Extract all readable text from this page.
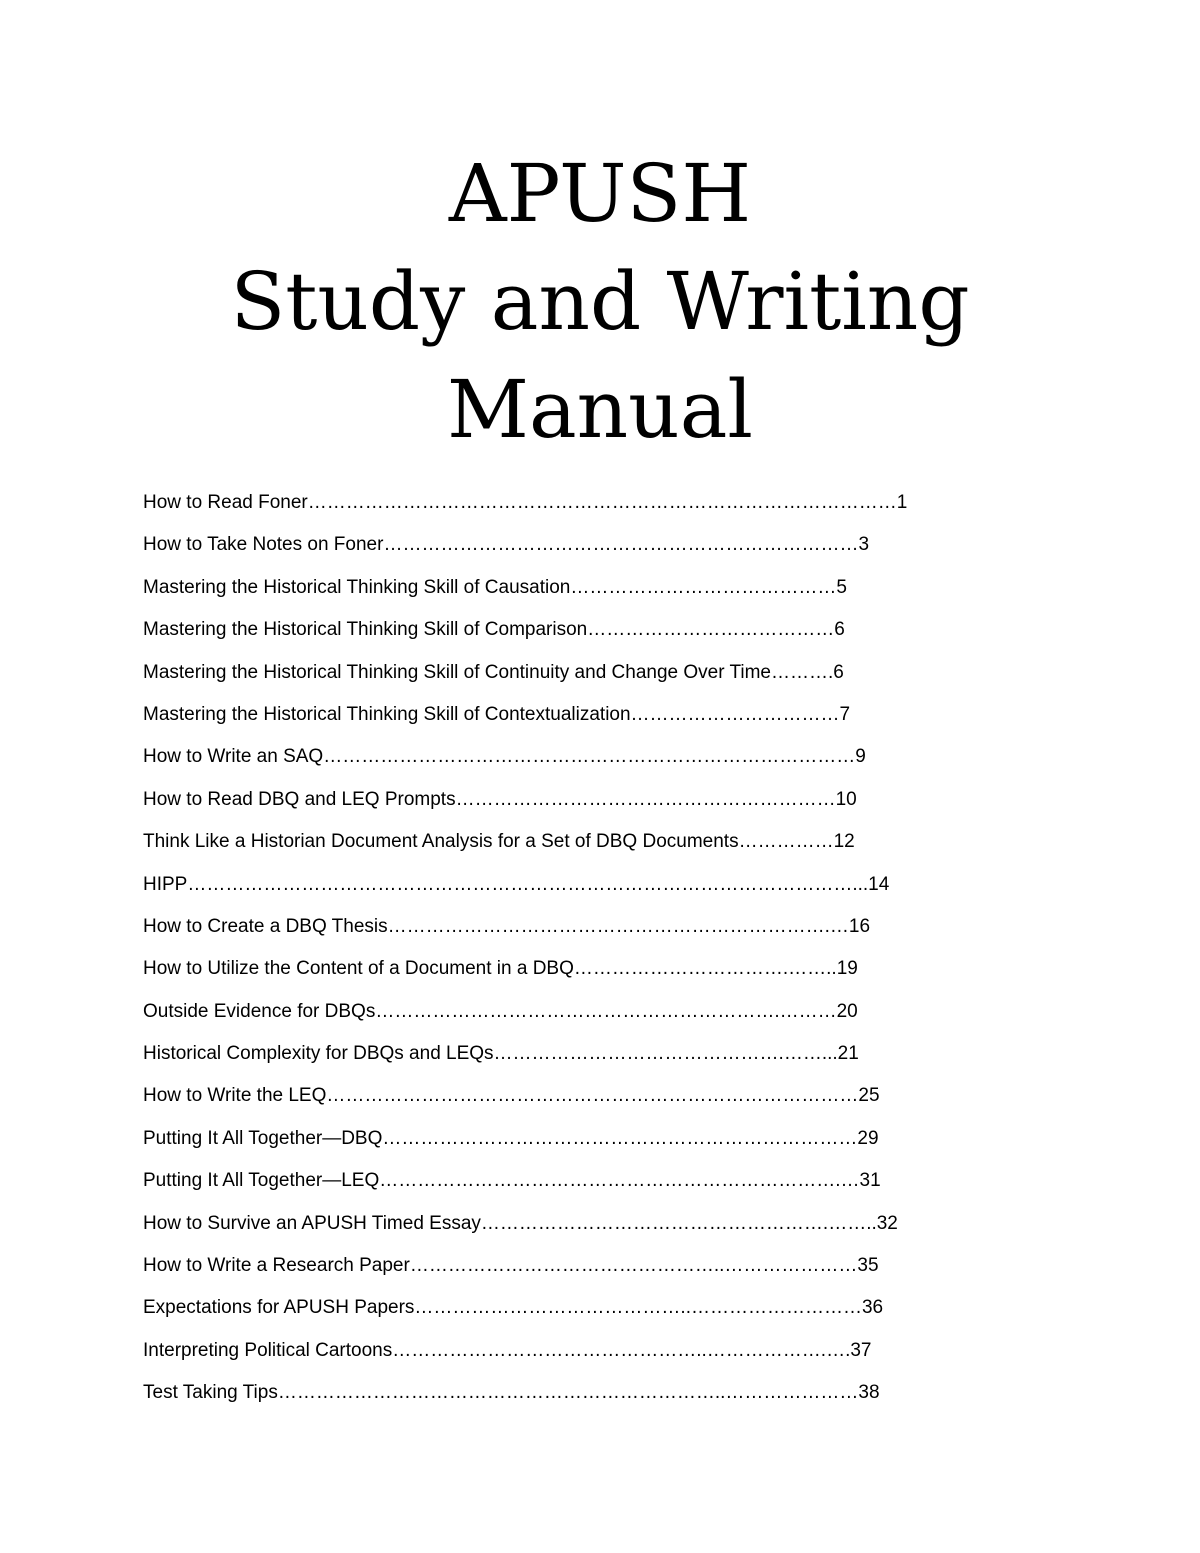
APUSH
Study and Writing
Manual
How to Read Foner…………………………………………………………………………………1
How to Take Notes on Foner…………………………………………………………………3
Mastering the Historical Thinking Skill of Causation……………………………………5
Mastering the Historical Thinking Skill of Comparison…………………………………6
Mastering the Historical Thinking Skill of Continuity and Change Over Time……….6
Mastering the Historical Thinking Skill of Contextualization……………………………7
How to Write an SAQ…………………………………………………………………………9
How to Read DBQ and LEQ Prompts……………………………………………………10
Think Like a Historian Document Analysis for a Set of DBQ Documents……………12
HIPP……………………………………………………………………………………………...14
How to Create a DBQ Thesis…………………………………………………………….…16
How to Utilize the Content of a Document in a DBQ…………………………….……..19
Outside Evidence for DBQs……………………………………………………….………20
Historical Complexity for DBQs and LEQs……………………………………….……...21
How to Write the LEQ…………………………………………………………………………25
Putting It All Together—DBQ…………………………………………………………………29
Putting It All Together—LEQ……………………………………………………………….…31
How to Survive an APUSH Timed Essay……………………………………………….……..32
How to Write a Research Paper…………………………………………..…………………35
Expectations for APUSH Papers……………………………………..………………………36
Interpreting Political Cartoons…………………………………………..……………….….37
Test Taking Tips……………………………………………………………..…………………38
